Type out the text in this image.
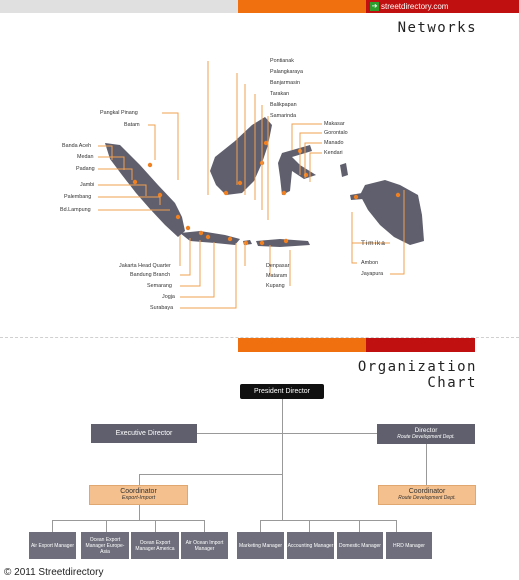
➔ streetdirectory.com
Networks
Pangkal Pinang
Batam
Banda Aceh
Medan
Padang
Jambi
Palembang
Bd.Lampung
Pontianak
Palangkaraya
Banjarmasin
Tarakan
Balikpapan
Samarinda
Makasar
Gorontalo
Manado
Kendari
Jakarta Head Quarter
Bandung Branch
Semarang
Jogja
Surabaya
Denpasar
Mataram
Kupang
Timika
Ambon
Jayapura
Organization
Chart
President Director
Executive Director	Director
Route Development Dept.
Coordinator
Export-Import
Coordinator
Route Development Dept.
Air Export Manager
Ocean Export Manager Europe-Asia
Ocean Export Manager America
Air Ocean Import Manager	Marketing Manager Accounting Manager Domestic Manager HRD Manager
© 2011 Streetdirectory
